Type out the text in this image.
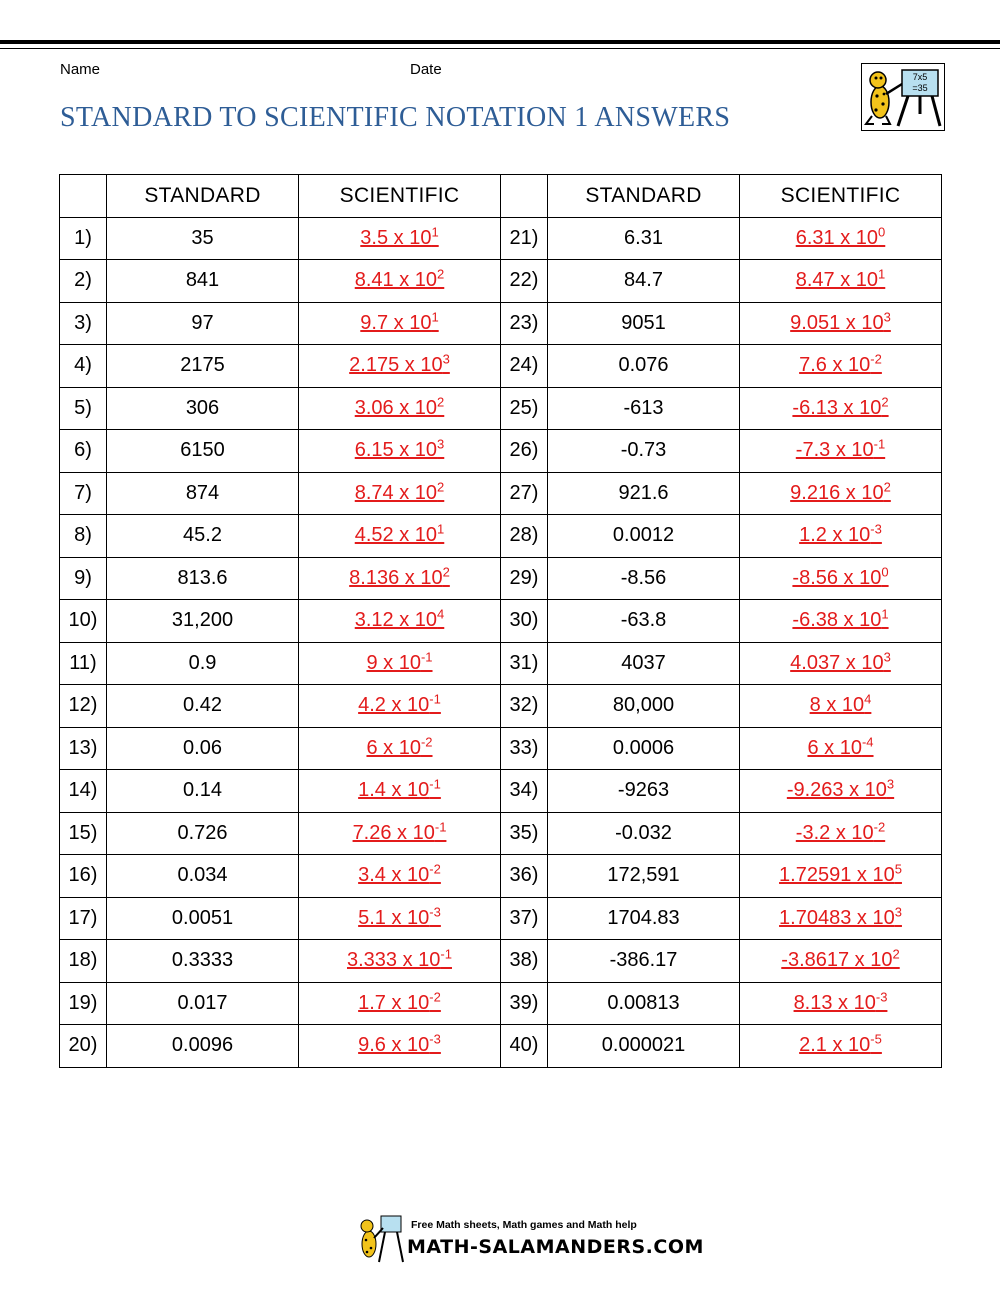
Name	Date
STANDARD TO SCIENTIFIC NOTATION 1 ANSWERS
7x5
=35
	STANDARD	SCIENTIFIC		STANDARD	SCIENTIFIC
1)	35	3.5 x $10^1$	21)	6.31	6.31 x $10^0$
2)	841	8.41 x $10^2$	22)	84.7	8.47 x $10^1$
3)	97	9.7 x $10^1$	23)	9051	9.051 x $10^3$
4)	2175	2.175 x $10^3$	24)	0.076	7.6 x $10^{-2}$
5)	306	3.06 x $10^2$	25)	-613	-6.13 x $10^2$
6)	6150	6.15 x $10^3$	26)	-0.73	-7.3 x $10^{-1}$
7)	874	8.74 x $10^2$	27)	921.6	9.216 x $10^2$
8)	45.2	4.52 x $10^1$	28)	0.0012	1.2 x $10^{-3}$
9)	813.6	8.136 x $10^2$	29)	-8.56	-8.56 x $10^0$
10)	31,200	3.12 x $10^4$	30)	-63.8	-6.38 x $10^1$
11)	0.9	9 x $10^{-1}$	31)	4037	4.037 x $10^3$
12)	0.42	4.2 x $10^{-1}$	32)	80,000	8 x $10^4$
13)	0.06	6 x $10^{-2}$	33)	0.0006	6 x $10^{-4}$
14)	0.14	1.4 x $10^{-1}$	34)	-9263	-9.263 x $10^3$
15)	0.726	7.26 x $10^{-1}$	35)	-0.032	-3.2 x $10^{-2}$
16)	0.034	3.4 x $10^{-2}$	36)	172,591	1.72591 x $10^5$
17)	0.0051	5.1 x $10^{-3}$	37)	1704.83	1.70483 x $10^3$
18)	0.3333	3.333 x $10^{-1}$	38)	-386.17	-3.8617 x $10^2$
19)	0.017	1.7 x $10^{-2}$	39)	0.00813	8.13 x $10^{-3}$
20)	0.0096	9.6 x $10^{-3}$	40)	0.000021	2.1 x $10^{-5}$
Free Math sheets, Math games and Math help
MATH-SALAMANDERS.COM
